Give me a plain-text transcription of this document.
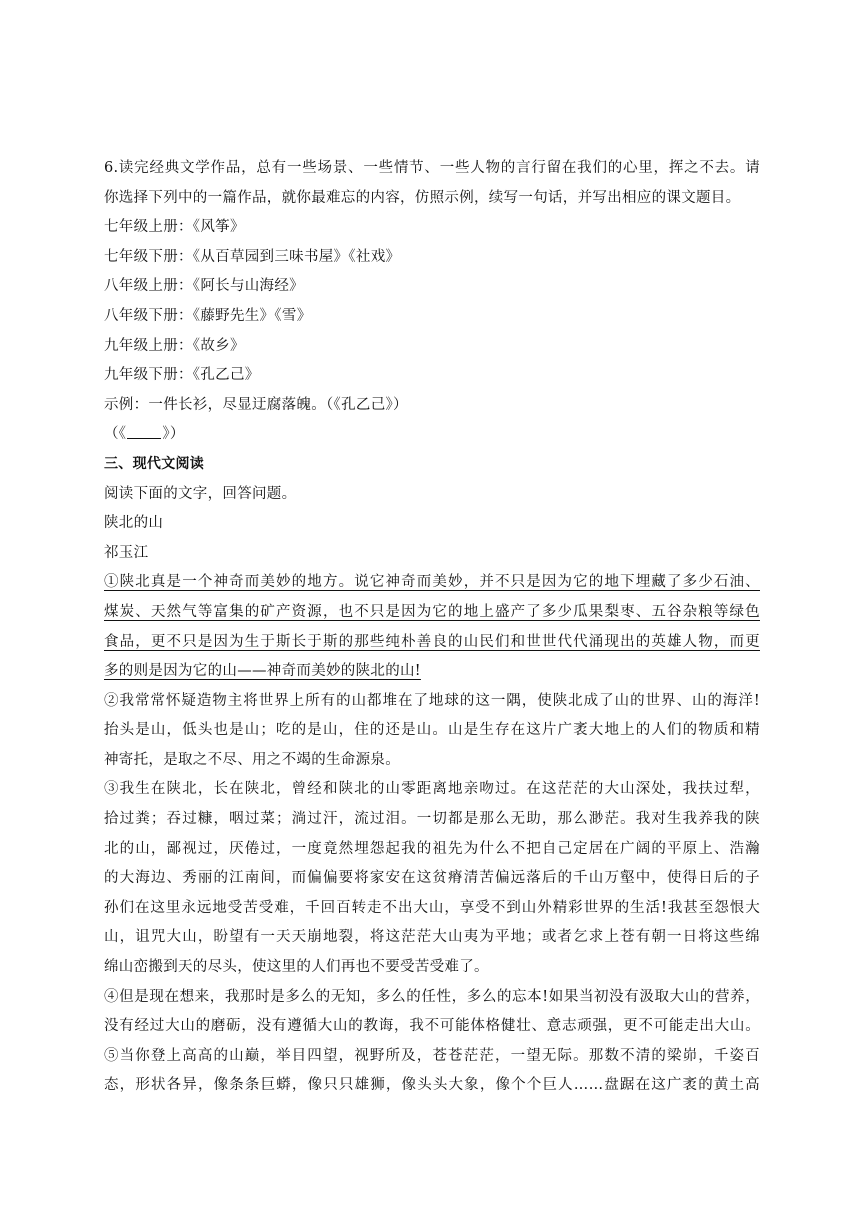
6.读完经典文学作品，总有一些场景、一些情节、一些人物的言行留在我们的心里，挥之不去。请
你选择下列中的一篇作品，就你最难忘的内容，仿照示例，续写一句话，并写出相应的课文题目。
七年级上册：《风筝》
七年级下册：《从百草园到三味书屋》《社戏》
八年级上册：《阿长与山海经》
八年级下册：《藤野先生》《雪》
九年级上册：《故乡》
九年级下册：《孔乙己》
示例：一件长衫，尽显迂腐落魄。（《孔乙己》）
（《 》）
三、现代文阅读
阅读下面的文字，回答问题。
陕北的山
祁玉江
①陕北真是一个神奇而美妙的地方。说它神奇而美妙，并不只是因为它的地下埋藏了多少石油、
煤炭、天然气等富集的矿产资源，也不只是因为它的地上盛产了多少瓜果梨枣、五谷杂粮等绿色
食品，更不只是因为生于斯长于斯的那些纯朴善良的山民们和世世代代涌现出的英雄人物，而更
多的则是因为它的山——神奇而美妙的陕北的山!
②我常常怀疑造物主将世界上所有的山都堆在了地球的这一隅，使陕北成了山的世界、山的海洋!
抬头是山，低头也是山；吃的是山，住的还是山。山是生存在这片广袤大地上的人们的物质和精
神寄托，是取之不尽、用之不竭的生命源泉。
③我生在陕北，长在陕北，曾经和陕北的山零距离地亲吻过。在这茫茫的大山深处，我扶过犁，
拾过粪；吞过糠，咽过菜；淌过汗，流过泪。一切都是那么无助，那么渺茫。我对生我养我的陕
北的山，鄙视过，厌倦过，一度竟然埋怨起我的祖先为什么不把自己定居在广阔的平原上、浩瀚
的大海边、秀丽的江南间，而偏偏要将家安在这贫瘠清苦偏远落后的千山万壑中，使得日后的子
孙们在这里永远地受苦受难，千回百转走不出大山，享受不到山外精彩世界的生活!我甚至怨恨大
山，诅咒大山，盼望有一天天崩地裂，将这茫茫大山夷为平地；或者乞求上苍有朝一日将这些绵
绵山峦搬到天的尽头，使这里的人们再也不要受苦受难了。
④但是现在想来，我那时是多么的无知，多么的任性，多么的忘本!如果当初没有汲取大山的营养，
没有经过大山的磨砺，没有遵循大山的教诲，我不可能体格健壮、意志顽强，更不可能走出大山。
⑤当你登上高高的山巅，举目四望，视野所及，苍苍茫茫，一望无际。那数不清的梁峁，千姿百
态，形状各异，像条条巨蟒，像只只雄狮，像头头大象，像个个巨人……盘踞在这广袤的黄土高
